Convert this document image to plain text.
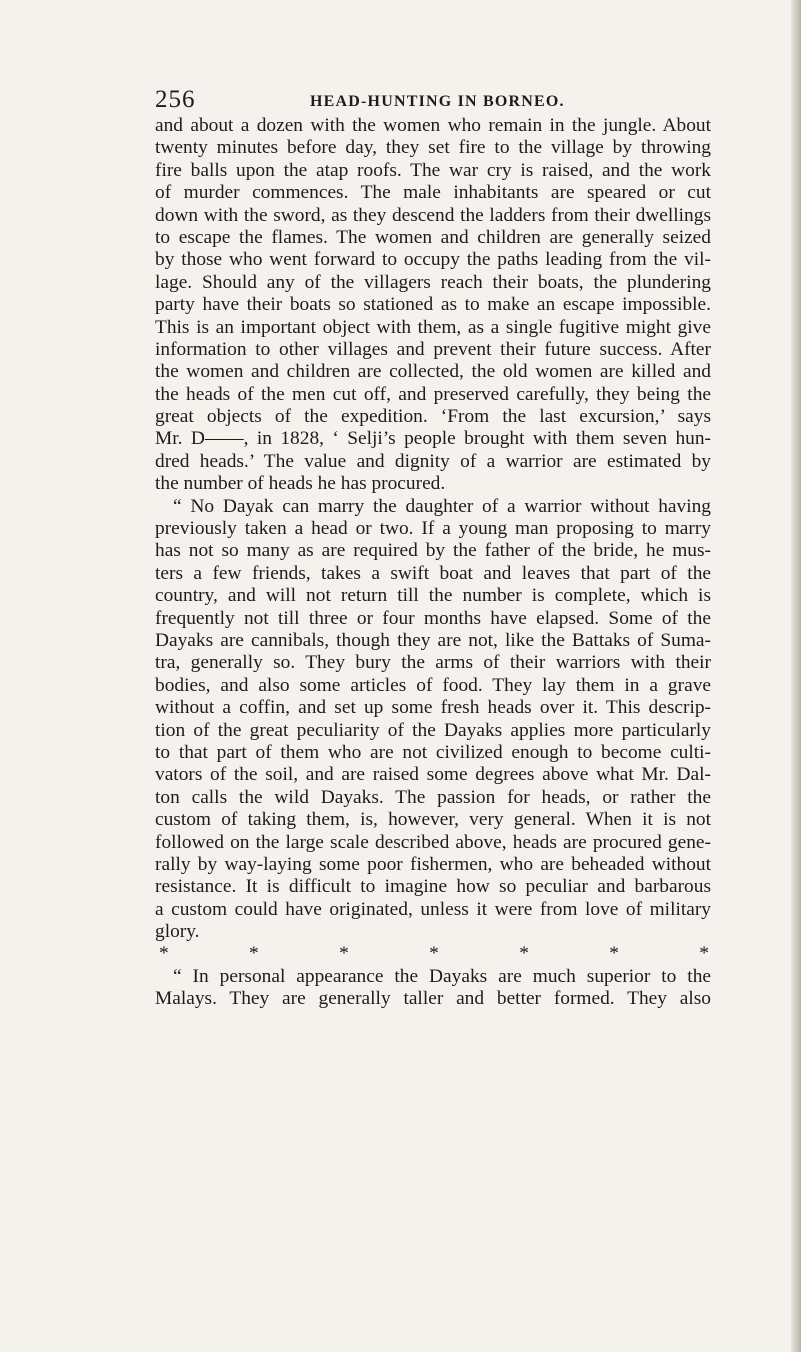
256	HEAD-HUNTING IN BORNEO.
and about a dozen with the women who remain in the jungle. About
twenty minutes before day, they set fire to the village by throwing
fire balls upon the atap roofs. The war cry is raised, and the work
of murder commences. The male inhabitants are speared or cut
down with the sword, as they descend the ladders from their dwellings
to escape the flames. The women and children are generally seized
by those who went forward to occupy the paths leading from the vil-
lage. Should any of the villagers reach their boats, the plundering
party have their boats so stationed as to make an escape impossible.
This is an important object with them, as a single fugitive might give
information to other villages and prevent their future success. After
the women and children are collected, the old women are killed and
the heads of the men cut off, and preserved carefully, they being the
great objects of the expedition. ‘From the last excursion,’ says
Mr. D——, in 1828, ‘ Selji’s people brought with them seven hun-
dred heads.’ The value and dignity of a warrior are estimated by
the number of heads he has procured.
“ No Dayak can marry the daughter of a warrior without having
previously taken a head or two. If a young man proposing to marry
has not so many as are required by the father of the bride, he mus-
ters a few friends, takes a swift boat and leaves that part of the
country, and will not return till the number is complete, which is
frequently not till three or four months have elapsed. Some of the
Dayaks are cannibals, though they are not, like the Battaks of Suma-
tra, generally so. They bury the arms of their warriors with their
bodies, and also some articles of food. They lay them in a grave
without a coffin, and set up some fresh heads over it. This descrip-
tion of the great peculiarity of the Dayaks applies more particularly
to that part of them who are not civilized enough to become culti-
vators of the soil, and are raised some degrees above what Mr. Dal-
ton calls the wild Dayaks. The passion for heads, or rather the
custom of taking them, is, however, very general. When it is not
followed on the large scale described above, heads are procured gene-
rally by way-laying some poor fishermen, who are beheaded without
resistance. It is difficult to imagine how so peculiar and barbarous
a custom could have originated, unless it were from love of military
glory.
*	*	*	*	*	*	*
“ In personal appearance the Dayaks are much superior to the
Malays. They are generally taller and better formed. They also
